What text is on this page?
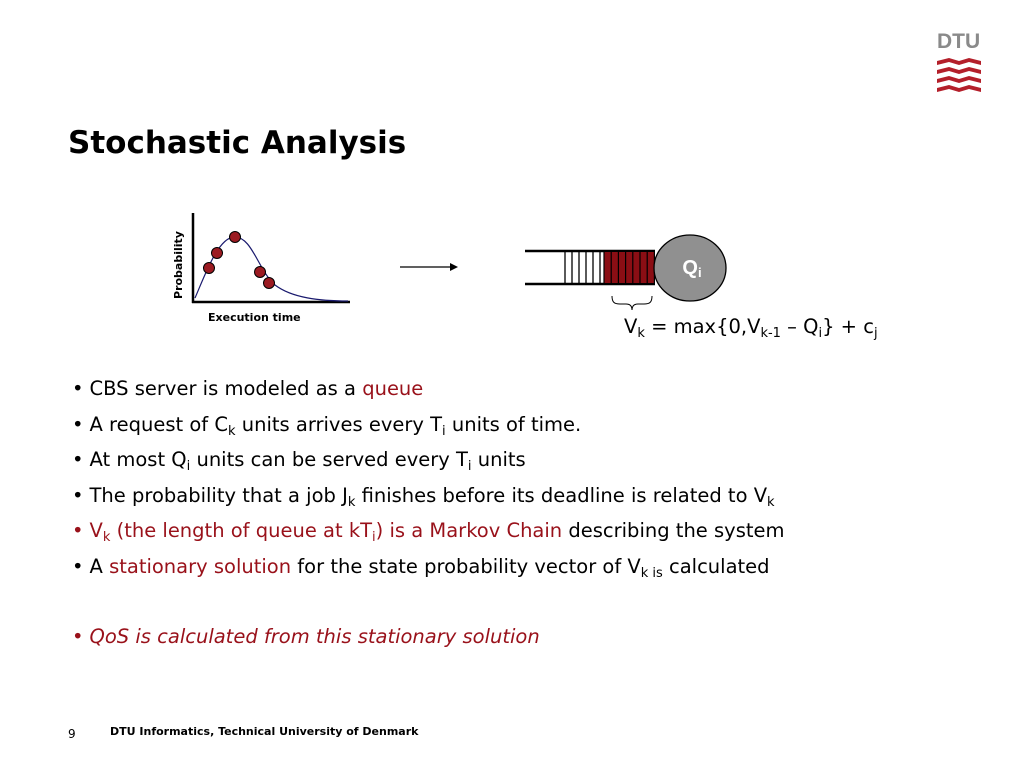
DTU
Stochastic Analysis
$Q_i$
Execution time
Probability
$V_k = \max\{0,V_{k-1} - Q_i\} + c_j$
• CBS server is modeled as a queue
• A request of $C_k$ units arrives every $T_i$ units of time.
• At most $Q_i$ units can be served every $T_i$ units
• The probability that a job $J_k$ finishes before its deadline is related to $V_k$
• $V_k$ (the length of queue at $kT_i$) is a Markov Chain describing the system
• A stationary solution for the state probability vector of $V_{k is}$ calculated
• QoS is calculated from this stationary solution
9	DTU Informatics, Technical University of Denmark
